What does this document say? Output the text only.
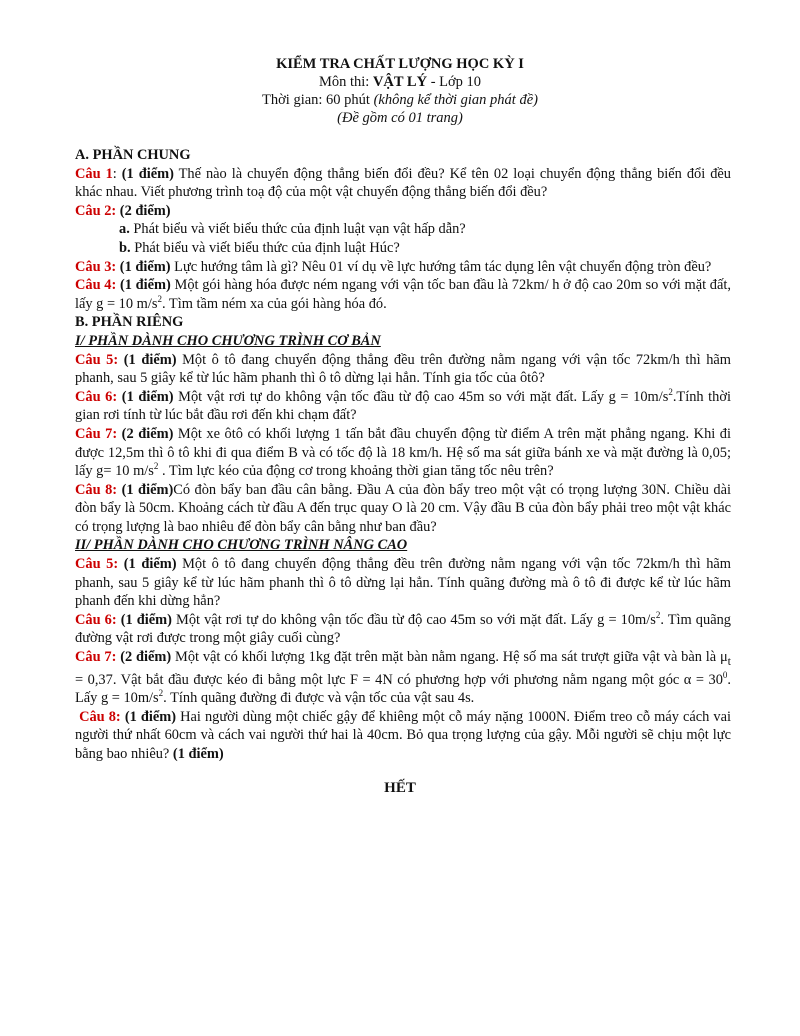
KIỂM TRA CHẤT LƯỢNG HỌC KỲ I
Môn thi: VẬT LÝ - Lớp 10
Thời gian: 60 phút (không kể thời gian phát đề)
(Đề gồm có 01 trang)

A. PHẦN CHUNG

Câu 1: (1 điểm) Thế nào là chuyển động thẳng biến đổi đều? Kể tên 02 loại chuyển động thẳng biến đổi đều khác nhau. Viết phương trình toạ độ của một vật chuyển động thẳng biến đổi đều?

Câu 2: (2 điểm)

a. Phát biểu và viết biểu thức của định luật vạn vật hấp dẫn?

b. Phát biểu và viết biểu thức của định luật Húc?

Câu 3: (1 điểm) Lực hướng tâm là gì? Nêu 01 ví dụ về lực hướng tâm tác dụng lên vật chuyển động tròn đều?

Câu 4: (1 điểm) Một gói hàng hóa được ném ngang với vận tốc ban đầu là 72km/ h ở độ cao 20m so với mặt đất, lấy g = 10 $m/s^2$. Tìm tầm ném xa của gói hàng hóa đó.

B. PHẦN RIÊNG

I/ PHẦN DÀNH CHO CHƯƠNG TRÌNH CƠ BẢN

Câu 5: (1 điểm) Một ô tô đang chuyển động thẳng đều trên đường nằm ngang với vận tốc 72km/h thì hãm phanh, sau 5 giây kể từ lúc hãm phanh thì ô tô dừng lại hẳn. Tính gia tốc của ôtô?

Câu 6: (1 điểm) Một vật rơi tự do không vận tốc đầu từ độ cao 45m so với mặt đất. Lấy $g = 10m/s^2.Tính$ thời gian rơi tính từ lúc bắt đầu rơi đến khi chạm đất?

Câu 7: (2 điểm) Một xe ôtô có khối lượng 1 tấn bắt đầu chuyển động từ điểm A trên mặt phẳng ngang. Khi đi được 12,5m thì ô tô khi đi qua điểm B và có tốc độ là 18 km/h. Hệ số ma sát giữa bánh xe và mặt đường là 0,05; lấy g= 10 $m/s^2$ . Tìm lực kéo của động cơ trong khoảng thời gian tăng tốc nêu trên?

Câu 8: (1 điểm)Có đòn bẩy ban đầu cân bằng. Đầu A của đòn bẩy treo một vật có trọng lượng 30N. Chiều dài đòn bẩy là 50cm. Khoảng cách từ đầu A đến trục quay O là 20 cm. Vậy đầu B của đòn bẩy phải treo một vật khác có trọng lượng là bao nhiêu để đòn bẩy cân bằng như ban đầu?

II/ PHẦN DÀNH CHO CHƯƠNG TRÌNH NÂNG CAO

Câu 5: (1 điểm) Một ô tô đang chuyển động thẳng đều trên đường nằm ngang với vận tốc 72km/h thì hãm phanh, sau 5 giây kể từ lúc hãm phanh thì ô tô dừng lại hẳn. Tính quãng đường mà ô tô đi được kể từ lúc hãm phanh đến khi dừng hẳn?

Câu 6: (1 điểm) Một vật rơi tự do không vận tốc đầu từ độ cao 45m so với mặt đất. Lấy $g = 10m/s^2$. Tìm quãng đường vật rơi được trong một giây cuối cùng?

Câu 7: (2 điểm) Một vật có khối lượng 1kg đặt trên mặt bàn nằm ngang. Hệ số ma sát trượt giữa vật và bàn là $\mu_t = 0,37$. Vật bắt đầu được kéo đi bằng một lực F = 4N có phương hợp với phương nằm ngang một góc $\alpha = 30^0$. Lấy $g = 10m/s^2$. Tính quãng đường đi được và vận tốc của vật sau 4s.

Câu 8: (1 điểm) Hai người dùng một chiếc gậy để khiêng một cỗ máy nặng 1000N. Điểm treo cỗ máy cách vai người thứ nhất 60cm và cách vai người thứ hai là 40cm. Bỏ qua trọng lượng của gậy. Mỗi người sẽ chịu một lực bằng bao nhiêu? (1 điểm)

HẾT
